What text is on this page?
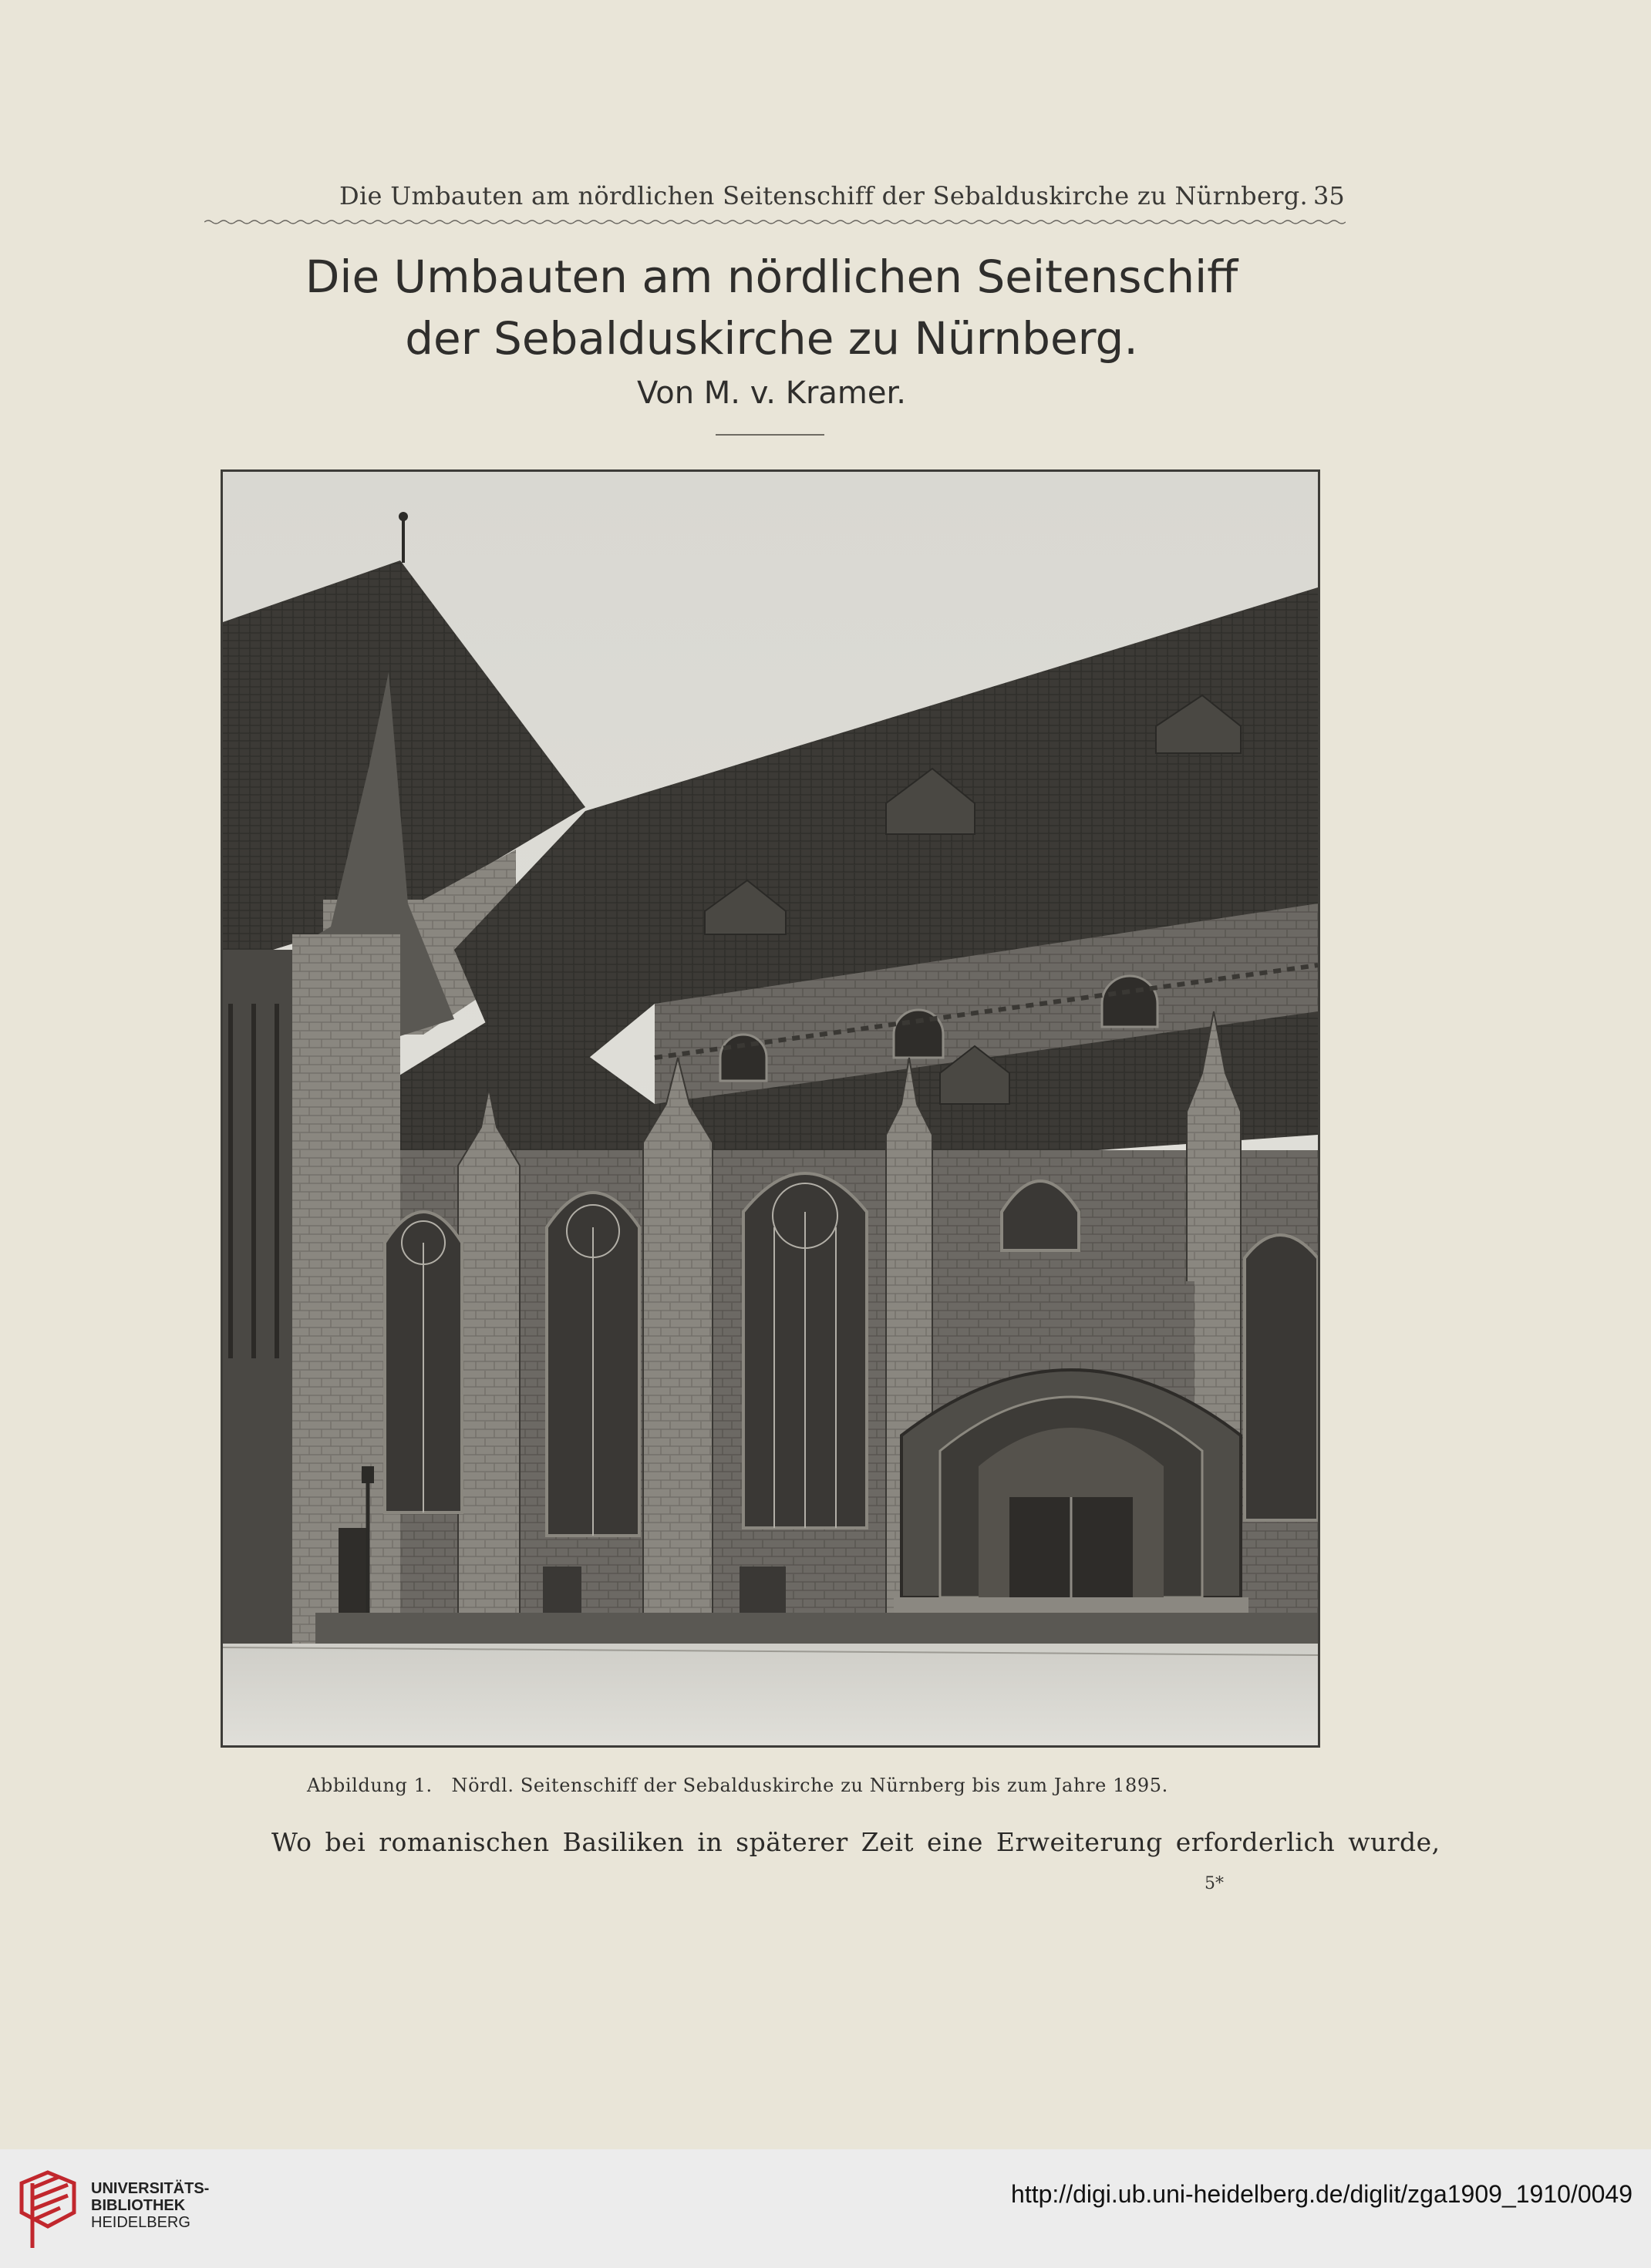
Die Umbauten am nördlichen Seitenschiff der Sebalduskirche zu Nürnberg. 35
Die Umbauten am nördlichen Seitenschiff
der Sebalduskirche zu Nürnberg.
Von M. v. Kramer.
Abbildung 1.   Nördl. Seitenschiff der Sebalduskirche zu Nürnberg bis zum Jahre 1895.
Wo bei romanischen Basiliken in späterer Zeit eine Erweiterung erforderlich wurde,
5*
UNIVERSITÄTS-
BIBLIOTHEK
HEIDELBERG
http://digi.ub.uni-heidelberg.de/diglit/zga1909_1910/0049
